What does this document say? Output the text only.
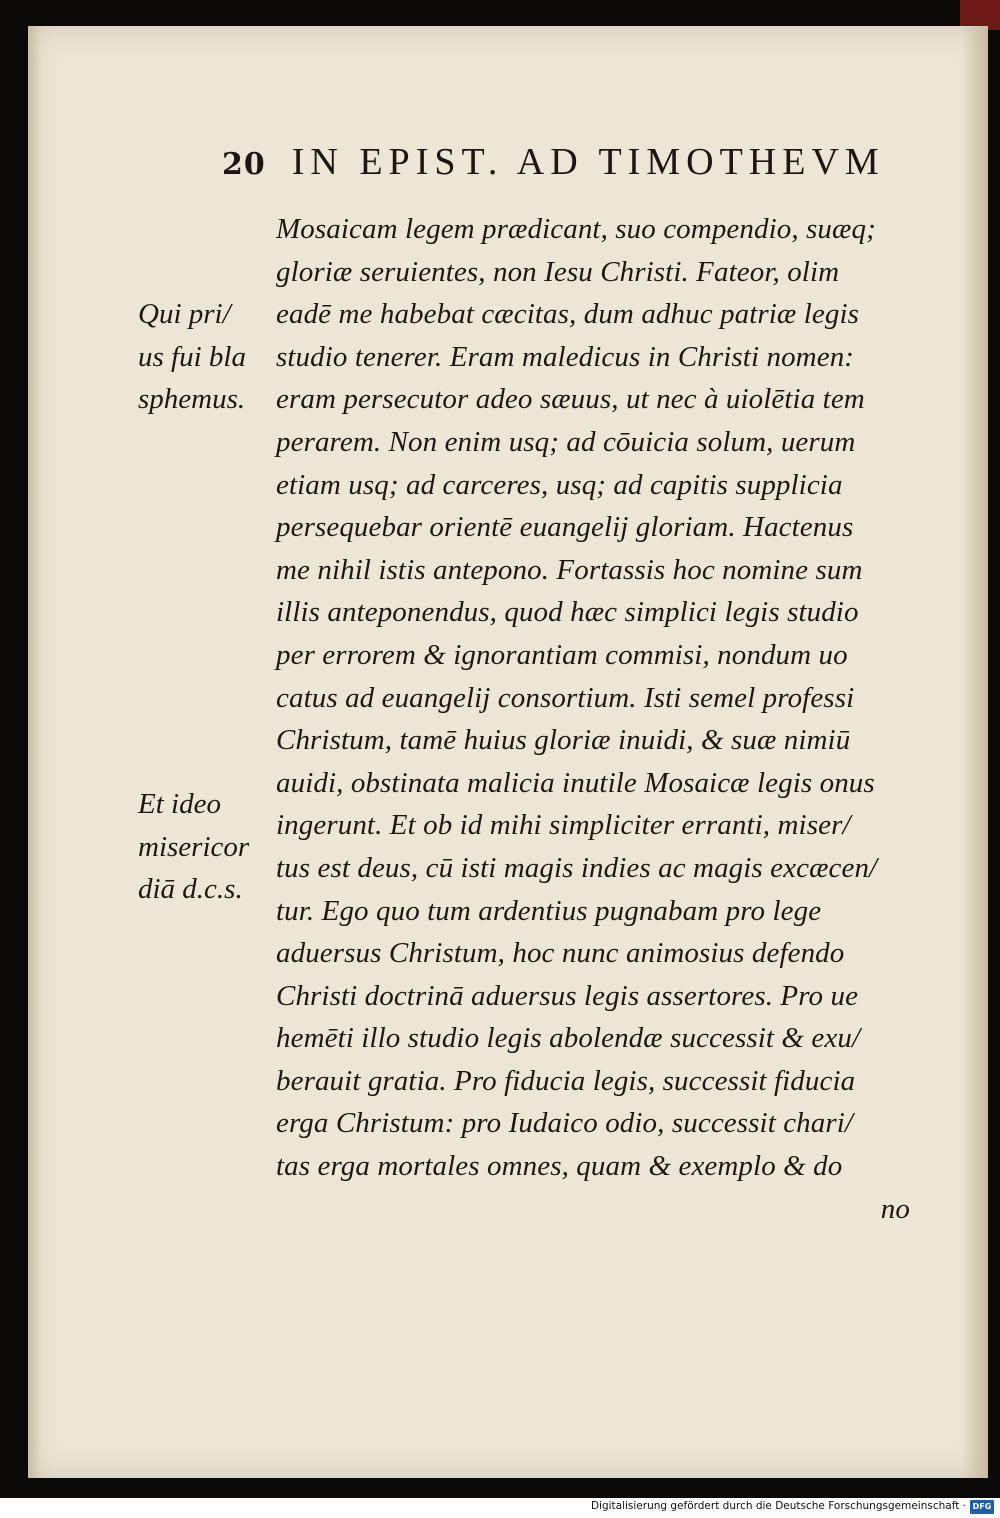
20 IN EPIST. AD TIMOTHEVM
Mosaicam legem prædicant, suo compendio, suæq;
gloriæ seruientes, non Iesu Christi. Fateor, olim
eadē me habebat cæcitas, dum adhuc patriæ legis
studio tenerer. Eram maledicus in Christi nomen:
eram persecutor adeo sæuus, ut nec à uiolētia tem
perarem. Non enim usq; ad cōuicia solum, uerum
etiam usq; ad carceres, usq; ad capitis supplicia
persequebar orientē euangelij gloriam. Hactenus
me nihil istis antepono. Fortassis hoc nomine sum
illis anteponendus, quod hæc simplici legis studio
per errorem & ignorantiam commisi, nondum uo
catus ad euangelij consortium. Isti semel professi
Christum, tamē huius gloriæ inuidi, & suæ nimiū
auidi, obstinata malicia inutile Mosaicæ legis onus
ingerunt. Et ob id mihi simpliciter erranti, miser/
tus est deus, cū isti magis indies ac magis excæcen/
tur. Ego quo tum ardentius pugnabam pro lege
aduersus Christum, hoc nunc animosius defendo
Christi doctrinā aduersus legis assertores. Pro ue
hemēti illo studio legis abolendæ successit & exu/
berauit gratia. Pro fiducia legis, successit fiducia
erga Christum: pro Iudaico odio, successit chari/
tas erga mortales omnes, quam & exemplo & do
no
Qui pri/
us fui bla
sphemus.
Et ideo
misericor
diā d.c.s.
Digitalisierung gefördert durch die Deutsche Forschungsgemeinschaft · DFG
